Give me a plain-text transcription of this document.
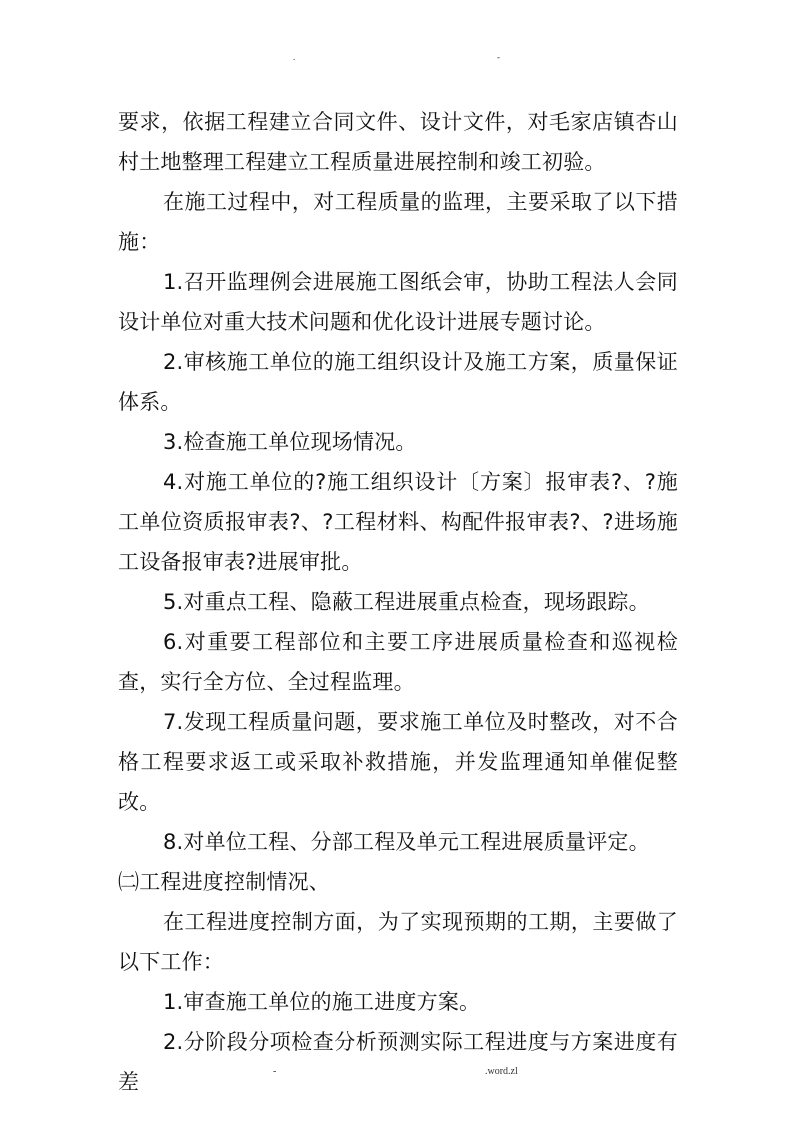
.	-

要求，依据工程建立合同文件、设计文件，对毛家店镇杏山村土地整理工程建立工程质量进展控制和竣工初验。

在施工过程中，对工程质量的监理，主要采取了以下措施：

1.召开监理例会进展施工图纸会审，协助工程法人会同设计单位对重大技术问题和优化设计进展专题讨论。

2.审核施工单位的施工组织设计及施工方案，质量保证体系。

3.检查施工单位现场情况。

4.对施工单位的?施工组织设计〔方案〕报审表?、?施工单位资质报审表?、?工程材料、构配件报审表?、?进场施工设备报审表?进展审批。

5.对重点工程、隐蔽工程进展重点检查，现场跟踪。

6.对重要工程部位和主要工序进展质量检查和巡视检查，实行全方位、全过程监理。

7.发现工程质量问题，要求施工单位及时整改，对不合格工程要求返工或采取补救措施，并发监理通知单催促整改。

8.对单位工程、分部工程及单元工程进展质量评定。

㈡工程进度控制情况、

在工程进度控制方面，为了实现预期的工期，主要做了以下工作：

1.审查施工单位的施工进度方案。

2.分阶段分项检查分析预测实际工程进度与方案进度有差	-	.word.zl
